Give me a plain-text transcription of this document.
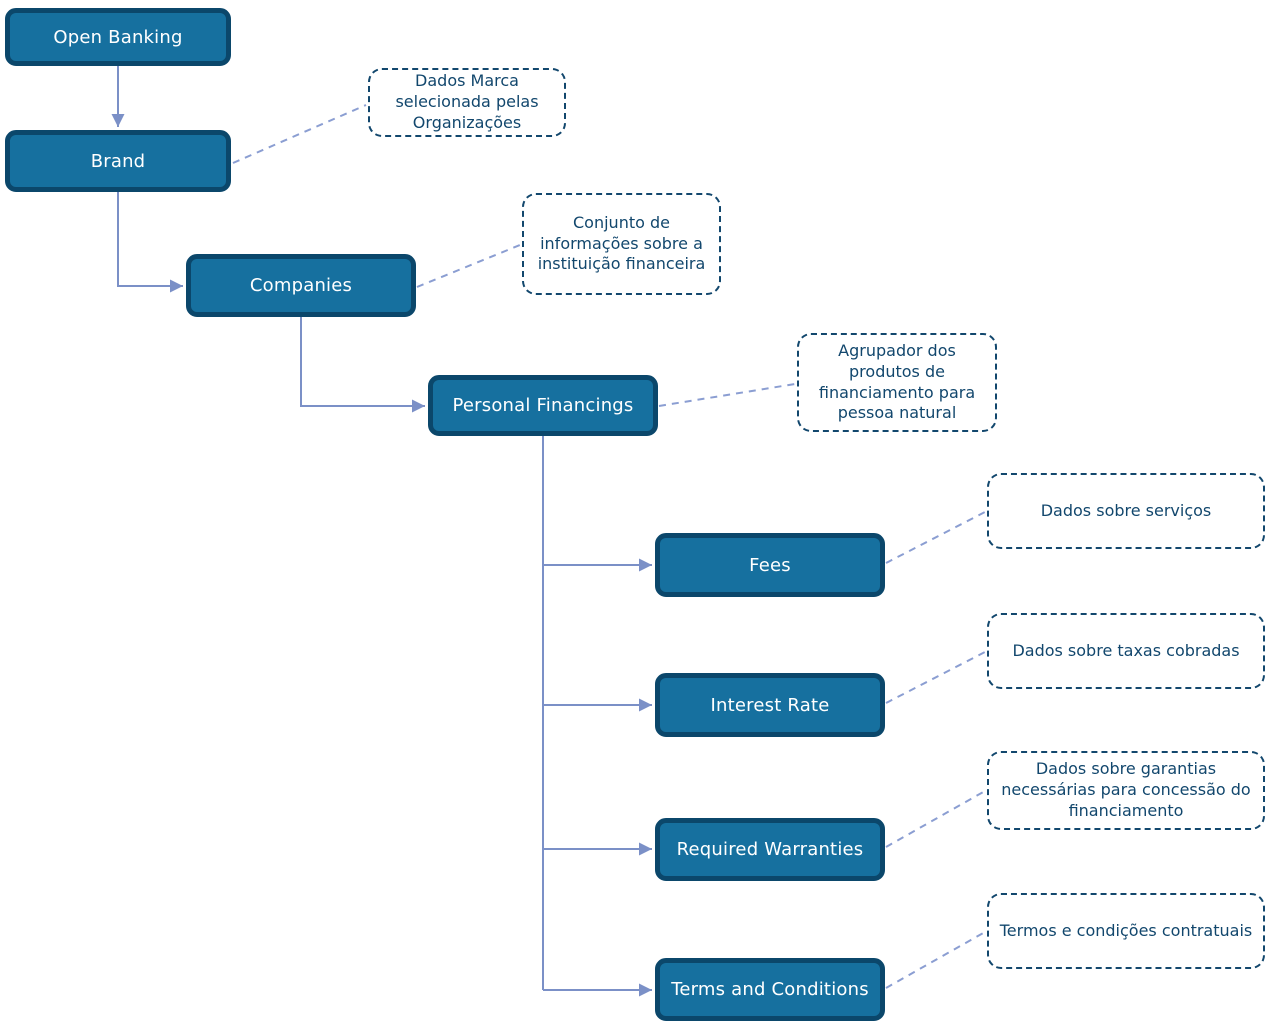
Open Banking
Brand
Companies
Personal Financings
Fees
Interest Rate
Required Warranties
Terms and Conditions
Dados Marca selecionada pelas Organizações
Conjunto de informações sobre a instituição financeira
Agrupador dos produtos de financiamento para pessoa natural
Dados sobre serviços
Dados sobre taxas cobradas
Dados sobre garantias necessárias para concessão do financiamento
Termos e condições contratuais
